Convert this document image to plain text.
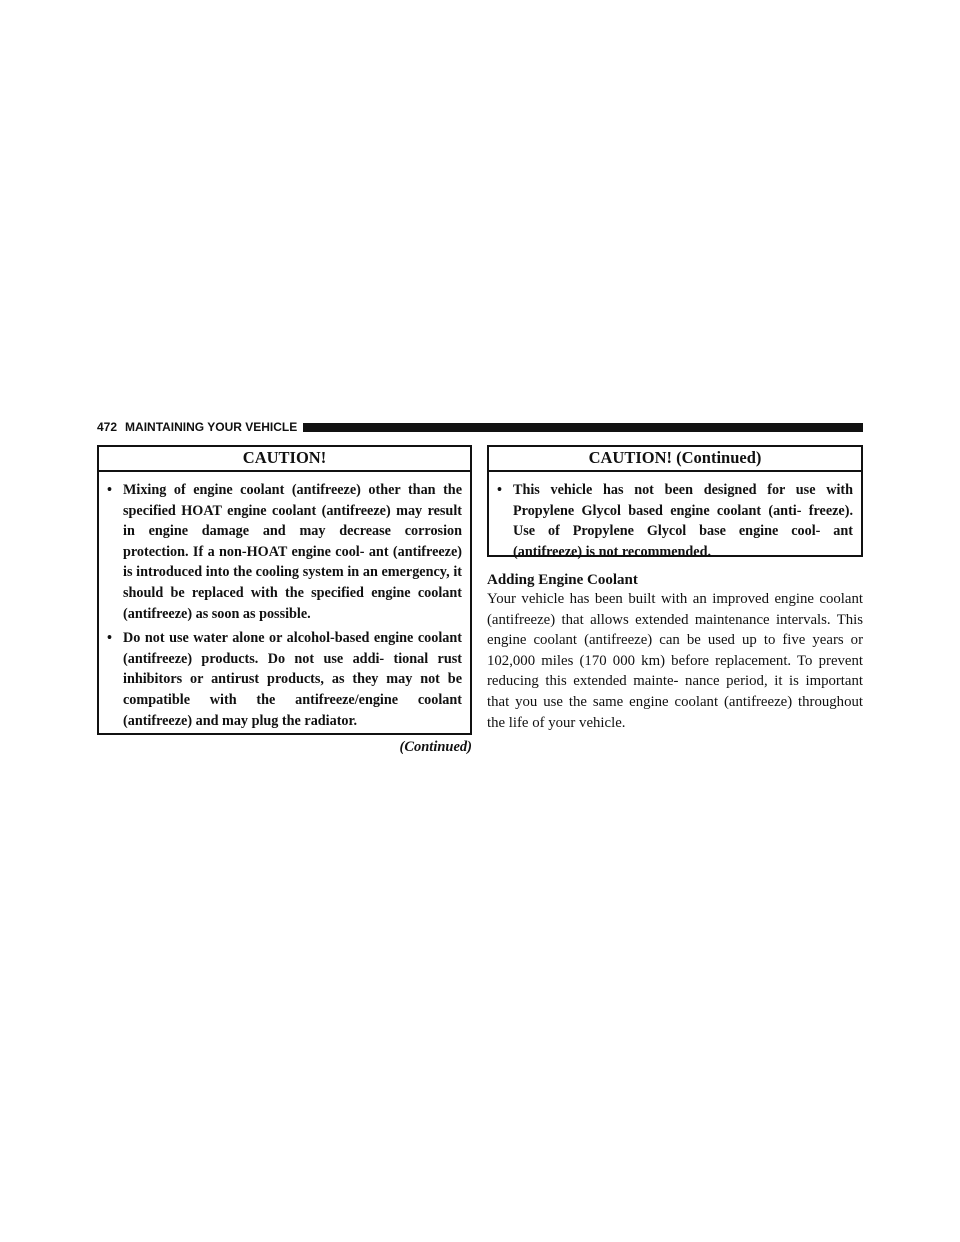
472 MAINTAINING YOUR VEHICLE
CAUTION!
• Mixing of engine coolant (antifreeze) other than the specified HOAT engine coolant (antifreeze) may result in engine damage and may decrease corrosion protection. If a non-HOAT engine cool- ant (antifreeze) is introduced into the cooling system in an emergency, it should be replaced with the specified engine coolant (antifreeze) as soon as possible.
• Do not use water alone or alcohol-based engine coolant (antifreeze) products. Do not use addi- tional rust inhibitors or antirust products, as they may not be compatible with the antifreeze/engine coolant (antifreeze) and may plug the radiator.
(Continued)
CAUTION! (Continued)
• This vehicle has not been designed for use with Propylene Glycol based engine coolant (anti- freeze). Use of Propylene Glycol base engine cool- ant (antifreeze) is not recommended.
Adding Engine Coolant
Your vehicle has been built with an improved engine coolant (antifreeze) that allows extended maintenance intervals. This engine coolant (antifreeze) can be used up to five years or 102,000 miles (170 000 km) before replacement. To prevent reducing this extended mainte- nance period, it is important that you use the same engine coolant (antifreeze) throughout the life of your vehicle.
